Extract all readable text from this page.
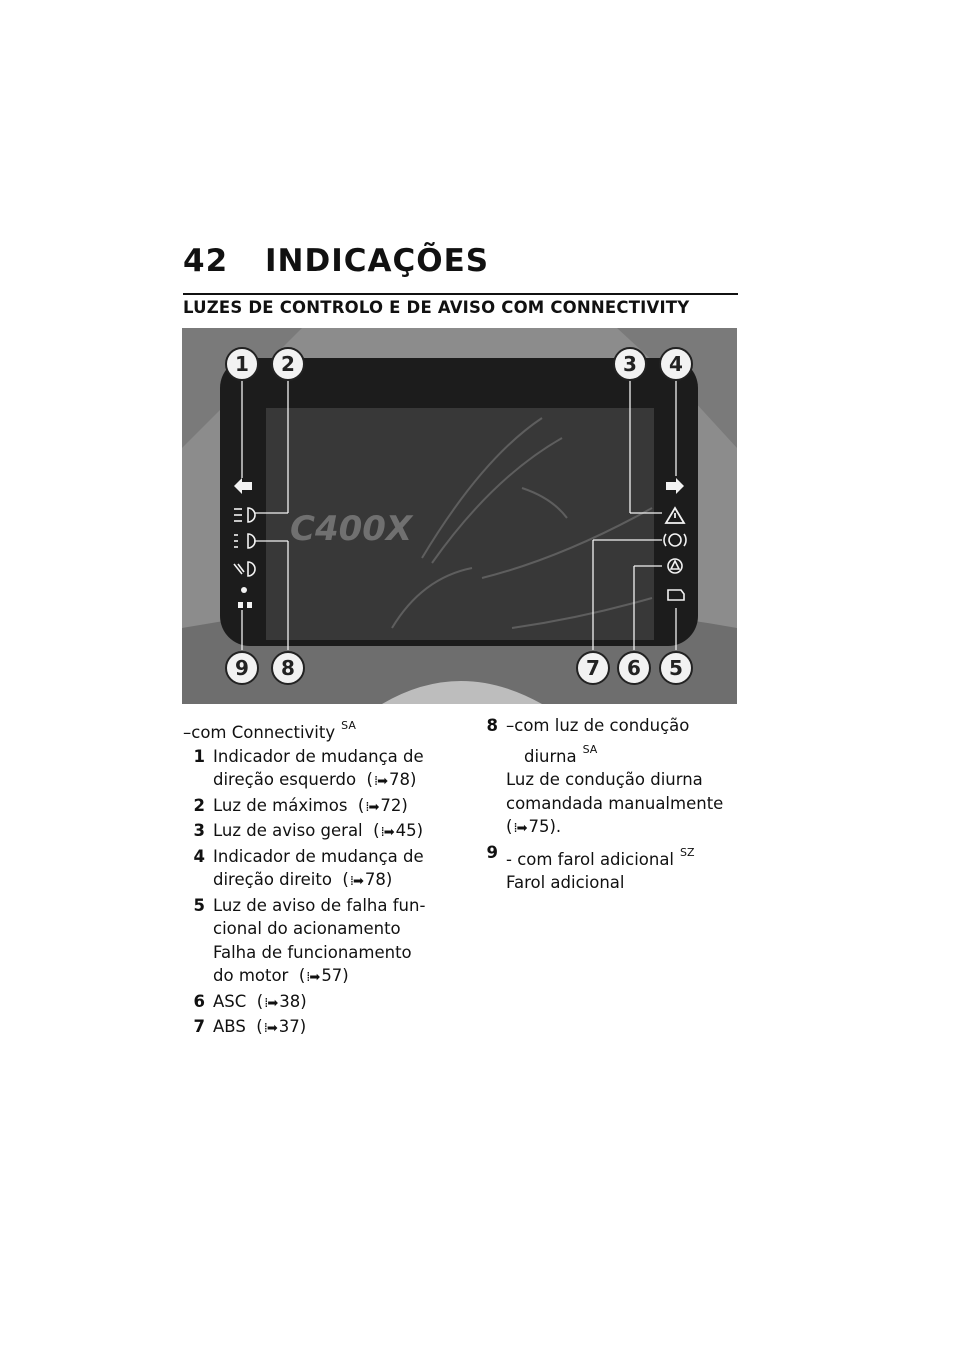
42 INDICAÇÕES
LUZES DE CONTROLO E DE AVISO COM CONNECTIVITY
C400X
1 2	3 4
5
6
7
8
9
–com Connectivity $^{SA}$
1 Indicador de mudança de
direção esquerdo  (⁞➡ 78)
2 Luz de máximos  (⁞➡ 72)
3 Luz de aviso geral  (⁞➡ 45)
4 Indicador de mudança de
direção direito  (⁞➡ 78)
5 Luz de aviso de falha fun-
cional do acionamento
Falha de funcionamento
do motor  (⁞➡ 57)
6 ASC  (⁞➡ 38)
7 ABS  (⁞➡ 37)
8 –com luz de condução
diurna $^{SA}$
Luz de condução diurna
comandada manualmente
(⁞➡ 75).
9 - com farol adicional $^{SZ}$
Farol adicional
